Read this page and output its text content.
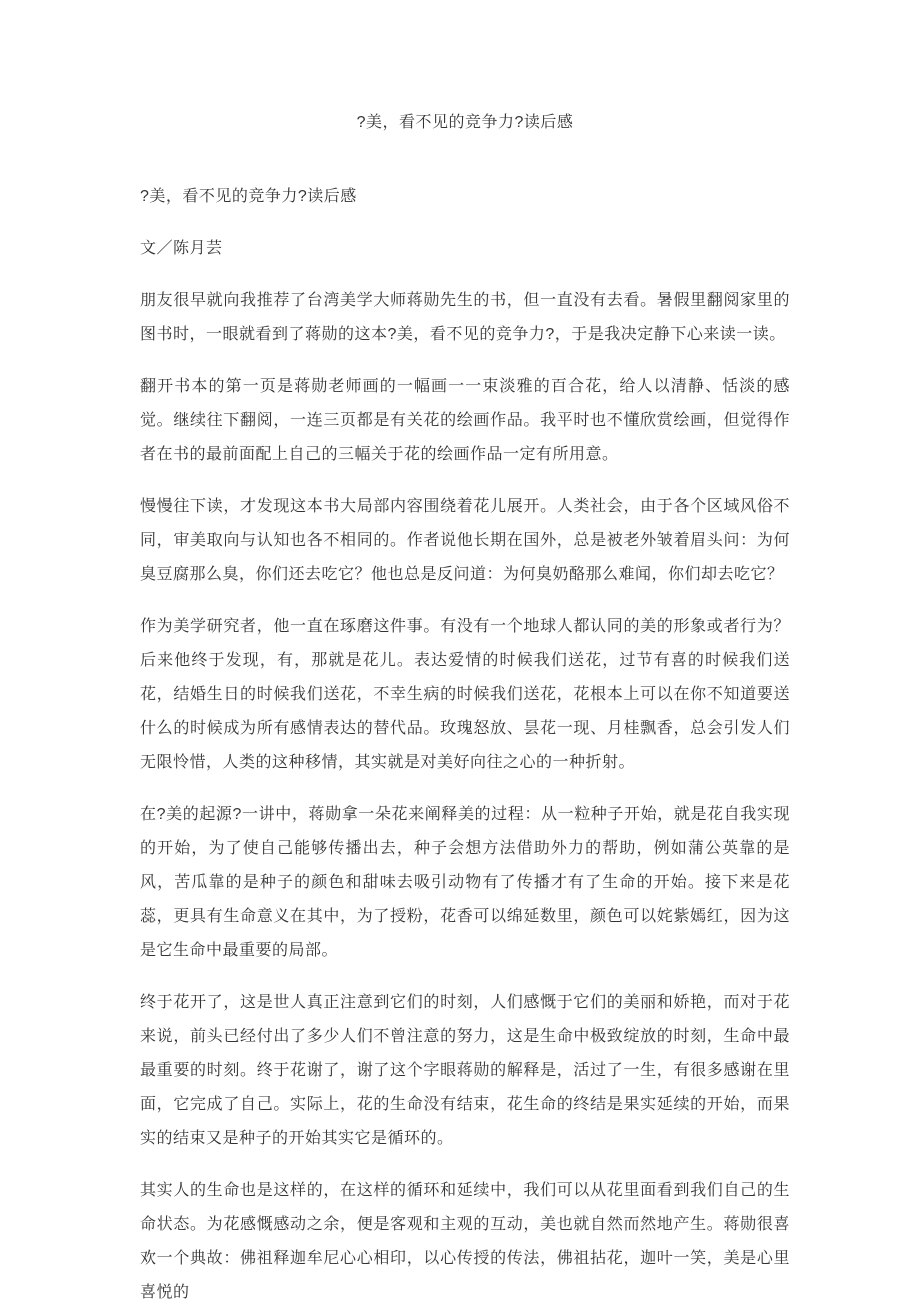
?美，看不见的竞争力?读后感

?美，看不见的竞争力?读后感

文／陈月芸

朋友很早就向我推荐了台湾美学大师蒋勋先生的书，但一直没有去看。暑假里翻阅家里的图书时，一眼就看到了蒋勋的这本?美，看不见的竞争力?，于是我决定静下心来读一读。

翻开书本的第一页是蒋勋老师画的一幅画一一束淡雅的百合花，给人以清静、恬淡的感觉。继续往下翻阅，一连三页都是有关花的绘画作品。我平时也不懂欣赏绘画，但觉得作者在书的最前面配上自己的三幅关于花的绘画作品一定有所用意。

慢慢往下读，才发现这本书大局部内容围绕着花儿展开。人类社会，由于各个区域风俗不同，审美取向与认知也各不相同的。作者说他长期在国外，总是被老外皱着眉头问：为何臭豆腐那么臭，你们还去吃它？他也总是反问道：为何臭奶酪那么难闻，你们却去吃它？

作为美学研究者，他一直在琢磨这件事。有没有一个地球人都认同的美的形象或者行为？后来他终于发现，有，那就是花儿。表达爱情的时候我们送花，过节有喜的时候我们送花，结婚生日的时候我们送花，不幸生病的时候我们送花，花根本上可以在你不知道要送什么的时候成为所有感情表达的替代品。玫瑰怒放、昙花一现、月桂飘香，总会引发人们无限怜惜，人类的这种移情，其实就是对美好向往之心的一种折射。

在?美的起源?一讲中，蒋勋拿一朵花来阐释美的过程：从一粒种子开始，就是花自我实现的开始，为了使自己能够传播出去，种子会想方法借助外力的帮助，例如蒲公英靠的是风，苦瓜靠的是种子的颜色和甜味去吸引动物有了传播才有了生命的开始。接下来是花蕊，更具有生命意义在其中，为了授粉，花香可以绵延数里，颜色可以姹紫嫣红，因为这是它生命中最重要的局部。

终于花开了，这是世人真正注意到它们的时刻，人们感慨于它们的美丽和娇艳，而对于花来说，前头已经付出了多少人们不曾注意的努力，这是生命中极致绽放的时刻，生命中最最重要的时刻。终于花谢了，谢了这个字眼蒋勋的解释是，活过了一生，有很多感谢在里面，它完成了自己。实际上，花的生命没有结束，花生命的终结是果实延续的开始，而果实的结束又是种子的开始其实它是循环的。

其实人的生命也是这样的，在这样的循环和延续中，我们可以从花里面看到我们自己的生命状态。为花感慨感动之余，便是客观和主观的互动，美也就自然而然地产生。蒋勋很喜欢一个典故：佛祖释迦牟尼心心相印，以心传授的传法，佛祖拈花，迦叶一笑，美是心里喜悦的
